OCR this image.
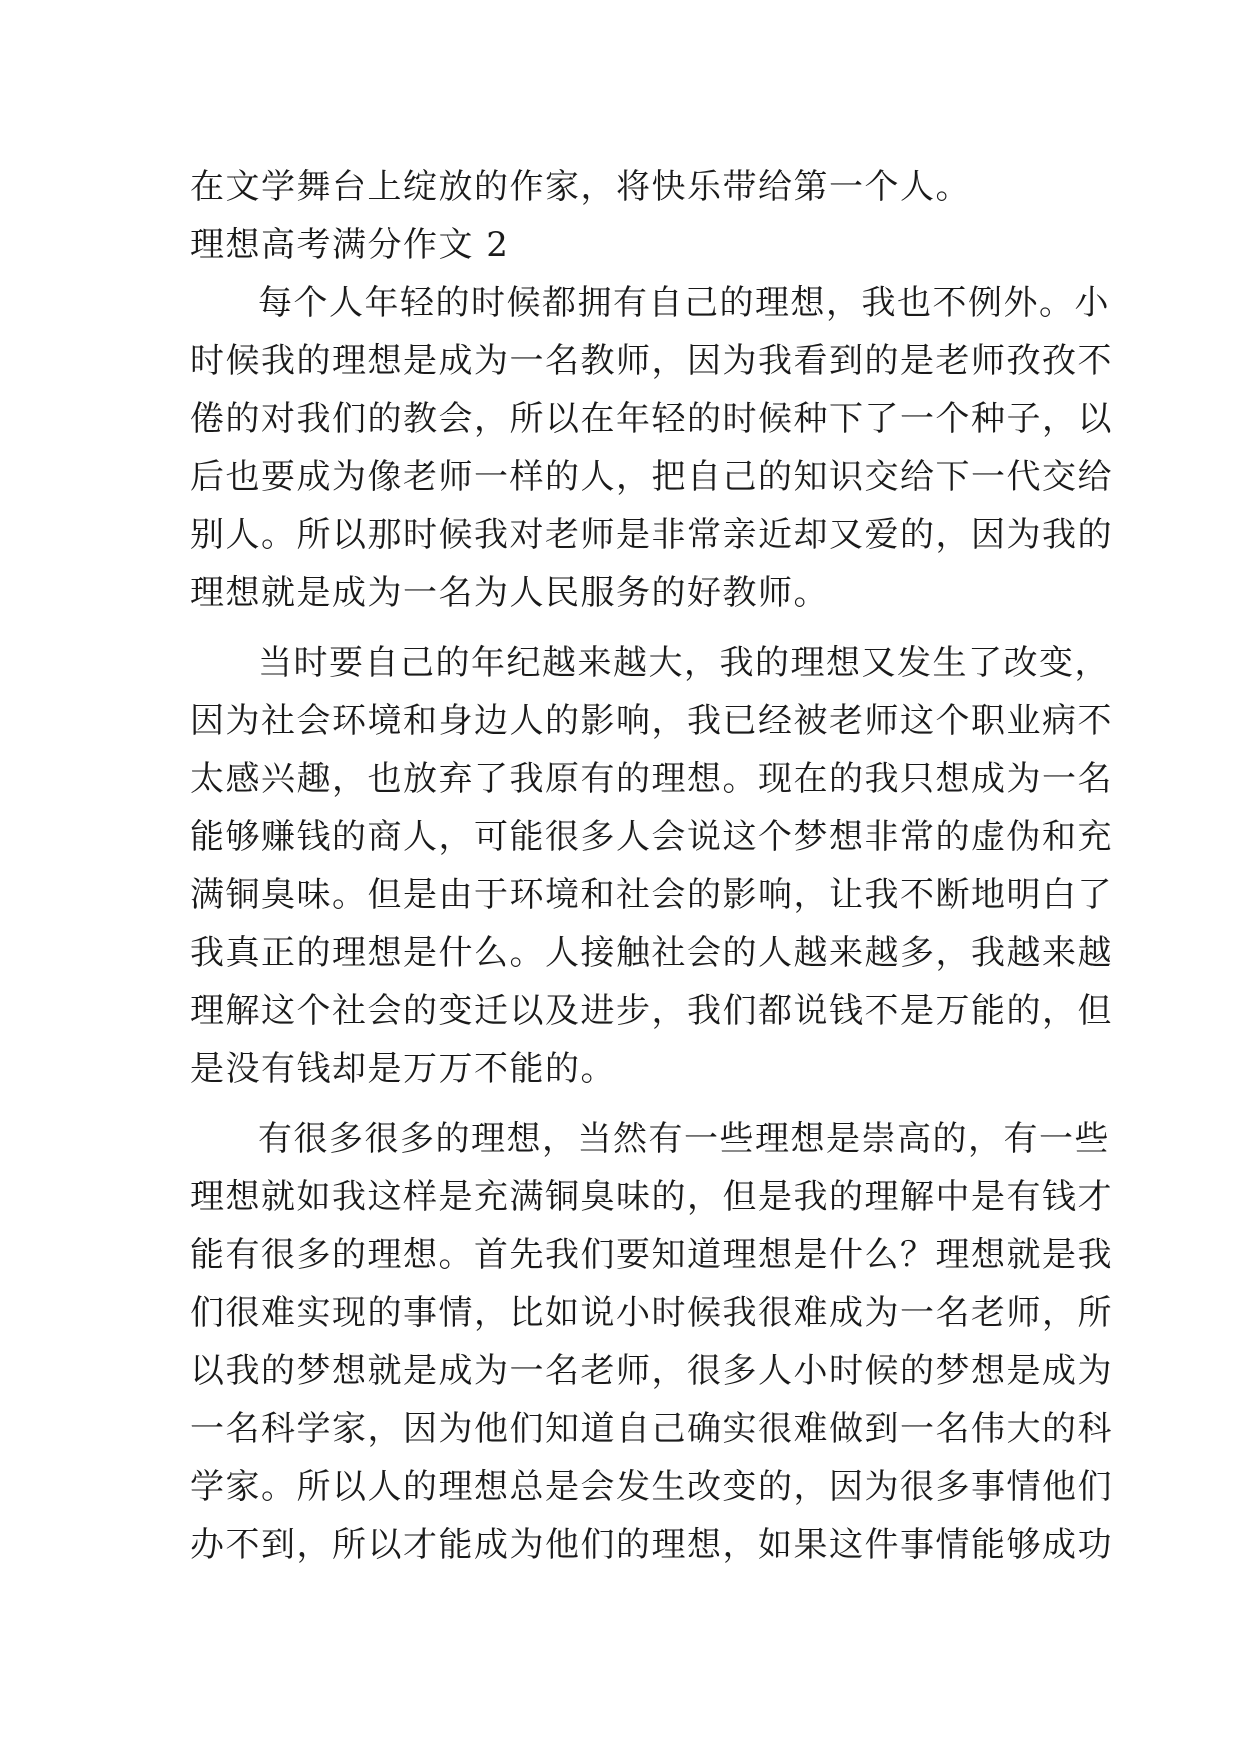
在文学舞台上绽放的作家，将快乐带给第一个人。
理想高考满分作文 2
每个人年轻的时候都拥有自己的理想，我也不例外。小
时候我的理想是成为一名教师，因为我看到的是老师孜孜不
倦的对我们的教会，所以在年轻的时候种下了一个种子，以
后也要成为像老师一样的人，把自己的知识交给下一代交给
别人。所以那时候我对老师是非常亲近却又爱的，因为我的
理想就是成为一名为人民服务的好教师。
当时要自己的年纪越来越大，我的理想又发生了改变，
因为社会环境和身边人的影响，我已经被老师这个职业病不
太感兴趣，也放弃了我原有的理想。现在的我只想成为一名
能够赚钱的商人，可能很多人会说这个梦想非常的虚伪和充
满铜臭味。但是由于环境和社会的影响，让我不断地明白了
我真正的理想是什么。人接触社会的人越来越多，我越来越
理解这个社会的变迁以及进步，我们都说钱不是万能的，但
是没有钱却是万万不能的。
有很多很多的理想，当然有一些理想是崇高的，有一些
理想就如我这样是充满铜臭味的，但是我的理解中是有钱才
能有很多的理想。首先我们要知道理想是什么？理想就是我
们很难实现的事情，比如说小时候我很难成为一名老师，所
以我的梦想就是成为一名老师，很多人小时候的梦想是成为
一名科学家，因为他们知道自己确实很难做到一名伟大的科
学家。所以人的理想总是会发生改变的，因为很多事情他们
办不到，所以才能成为他们的理想，如果这件事情能够成功
